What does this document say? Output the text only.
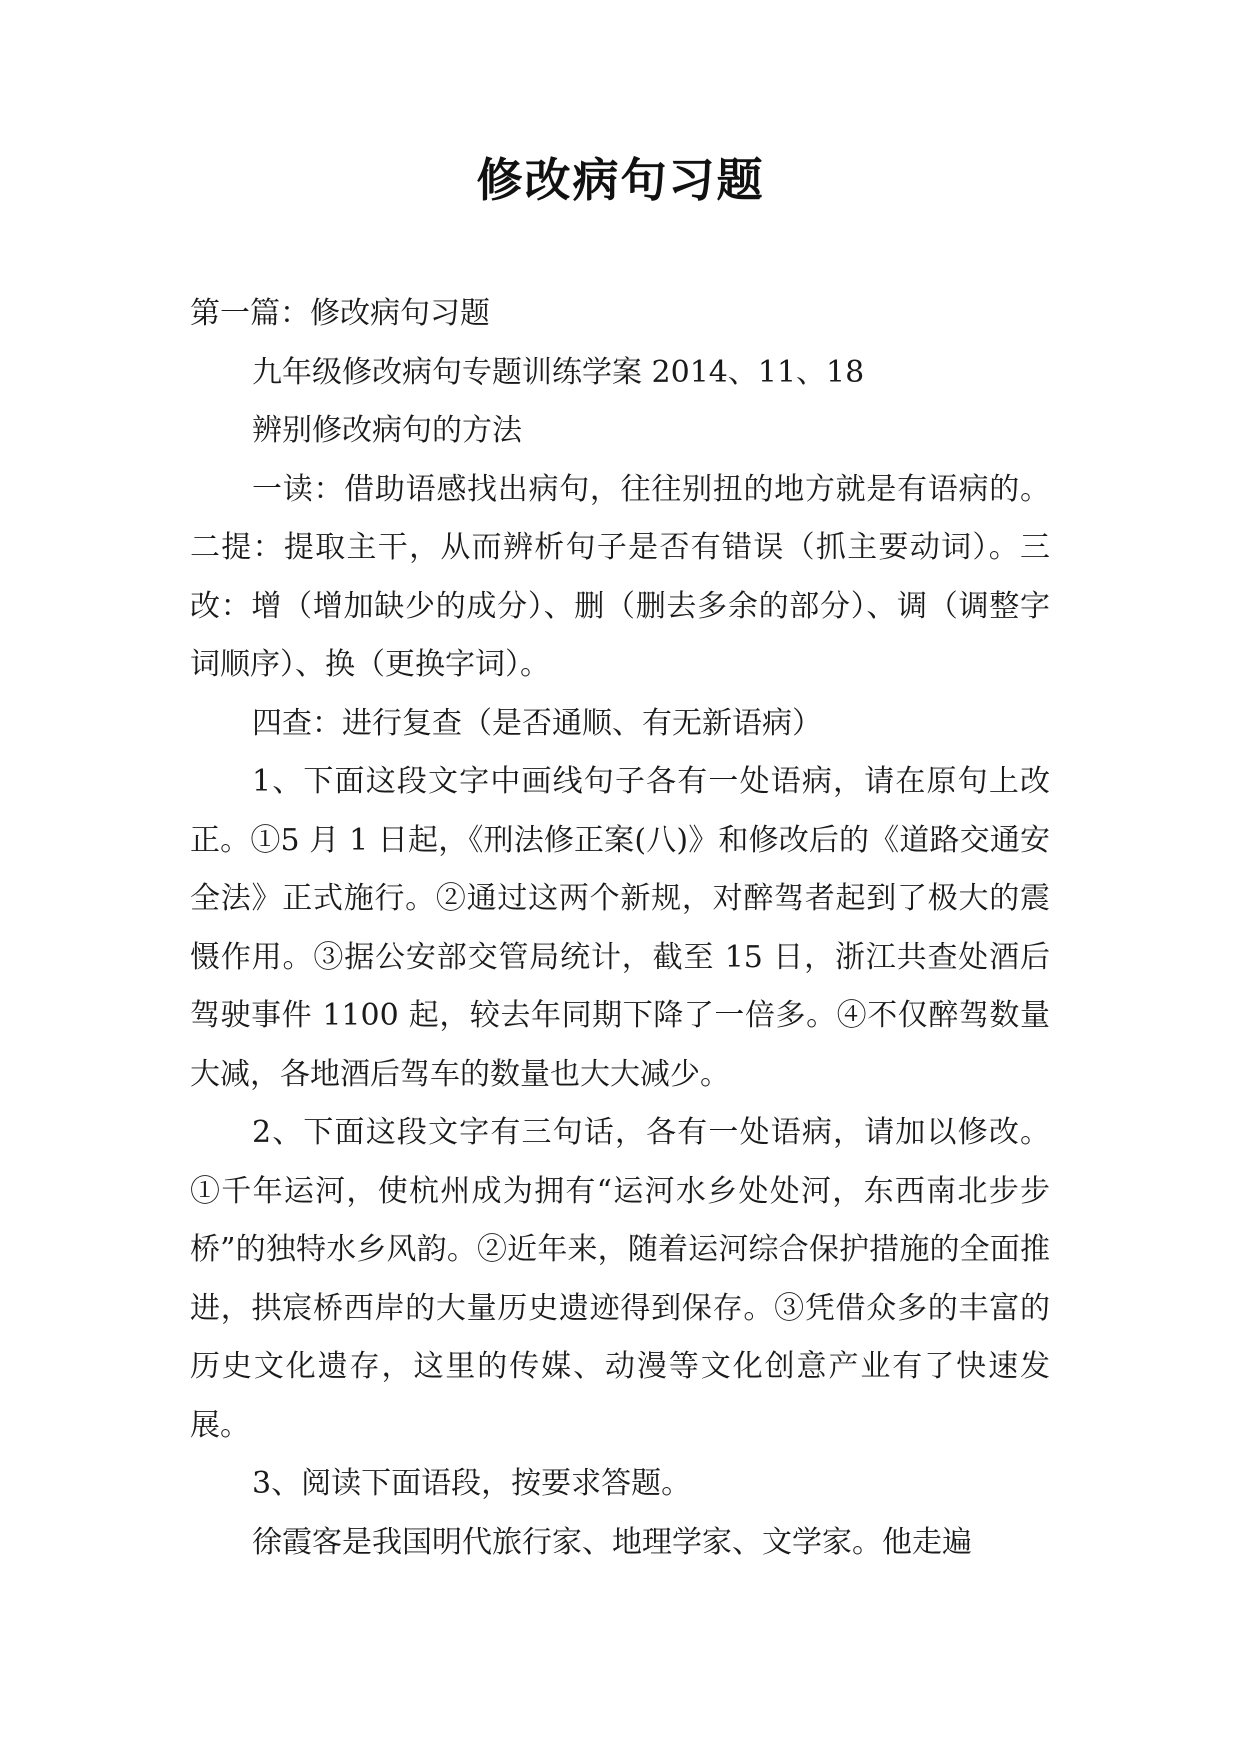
修改病句习题

第一篇：修改病句习题

九年级修改病句专题训练学案 2014、11、18

辨别修改病句的方法

一读：借助语感找出病句，往往别扭的地方就是有语病的。二提：提取主干，从而辨析句子是否有错误（抓主要动词）。三改：增（增加缺少的成分）、删（删去多余的部分）、调（调整字词顺序）、换（更换字词）。

四查：进行复查（是否通顺、有无新语病）

1、下面这段文字中画线句子各有一处语病，请在原句上改正。①5 月 1 日起，《刑法修正案(八)》和修改后的《道路交通安全法》正式施行。②通过这两个新规，对醉驾者起到了极大的震慑作用。③据公安部交管局统计，截至 15 日，浙江共查处酒后驾驶事件 1100 起，较去年同期下降了一倍多。④不仅醉驾数量大减，各地酒后驾车的数量也大大减少。

2、下面这段文字有三句话，各有一处语病，请加以修改。①千年运河，使杭州成为拥有“运河水乡处处河，东西南北步步桥”的独特水乡风韵。②近年来，随着运河综合保护措施的全面推进，拱宸桥西岸的大量历史遗迹得到保存。③凭借众多的丰富的历史文化遗存，这里的传媒、动漫等文化创意产业有了快速发展。

3、阅读下面语段，按要求答题。

徐霞客是我国明代旅行家、地理学家、文学家。他走遍
